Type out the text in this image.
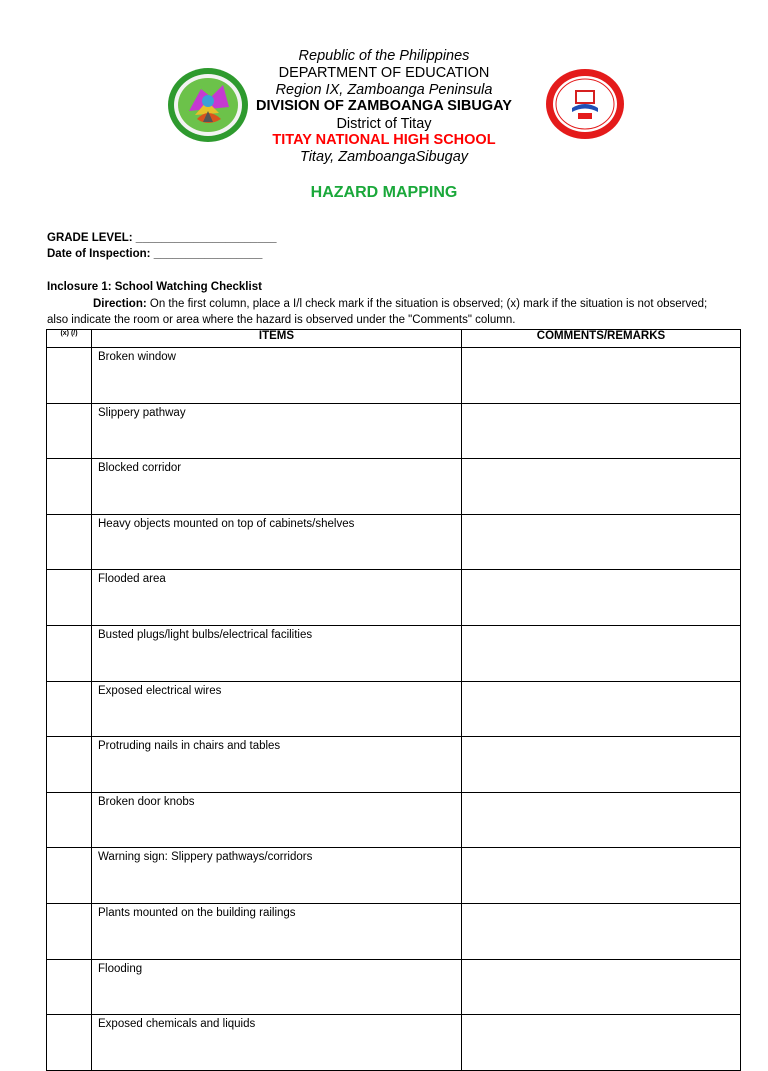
Republic of the Philippines
DEPARTMENT OF EDUCATION
Region IX, Zamboanga Peninsula
DIVISION OF ZAMBOANGA SIBUGAY
District of Titay
TITAY NATIONAL HIGH SCHOOL
Titay, ZamboangaSibugay
HAZARD MAPPING
GRADE LEVEL: ______________________
Date of Inspection: _________________
Inclosure 1: School Watching Checklist
Direction: On the first column, place a I/l check mark if the situation is observed; (x) mark if the situation is not observed; also indicate the room or area where the hazard is observed under the "Comments" column.
(x) (/)	ITEMS	COMMENTS/REMARKS
	Broken window	
	Slippery pathway	
	Blocked corridor	
	Heavy objects mounted on top of cabinets/shelves	
	Flooded area	
	Busted plugs/light bulbs/electrical facilities	
	Exposed electrical wires	
	Protruding nails in chairs and tables	
	Broken door knobs	
	Warning sign: Slippery pathways/corridors	
	Plants mounted on the building railings	
	Flooding	
	Exposed chemicals and liquids	
